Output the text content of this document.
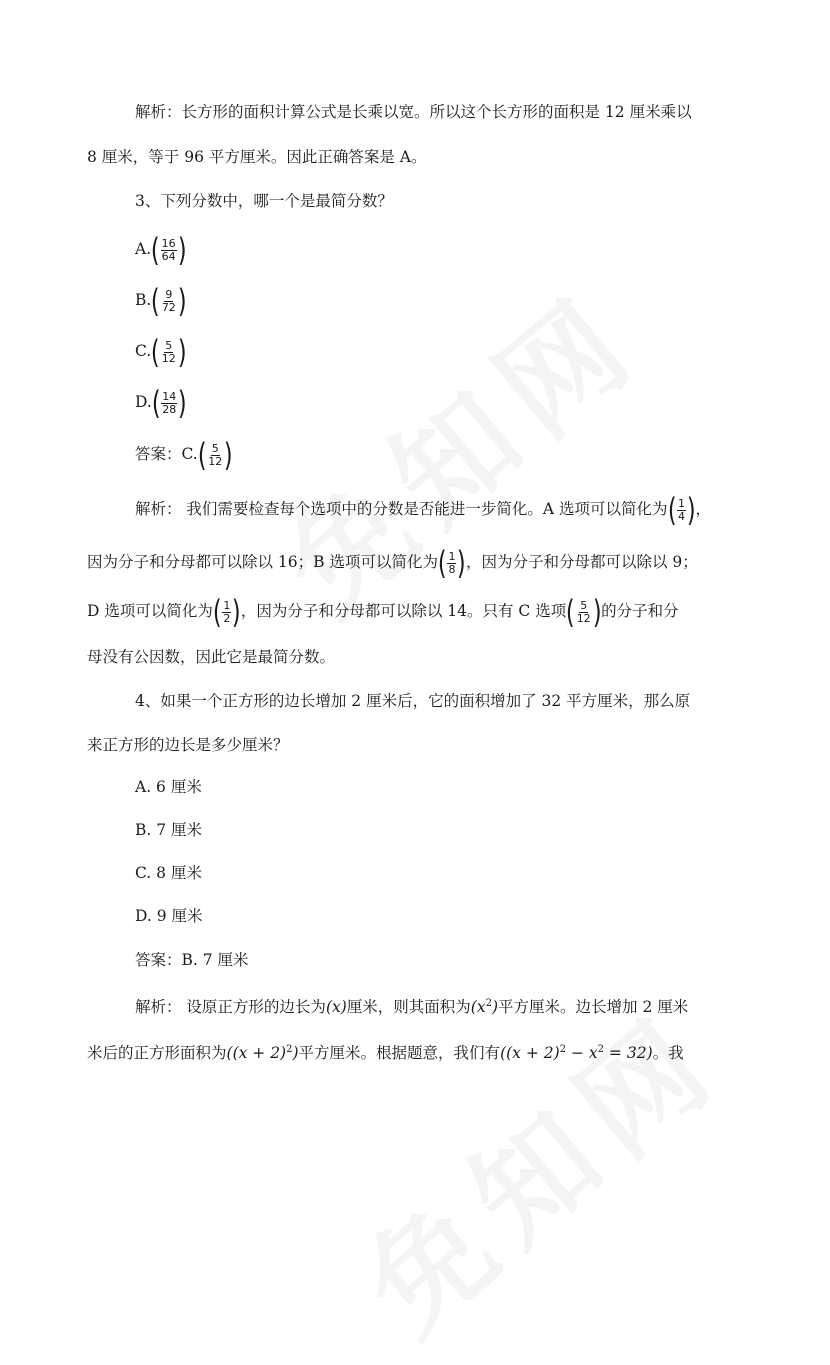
解析：长方形的面积计算公式是长乘以宽。所以这个长方形的面积是 12 厘米乘以
8 厘米，等于 96 平方厘米。因此正确答案是 A。
3、下列分数中，哪一个是最简分数？
A. ( $\frac{16}{64}$ )
B. ( $\frac{9}{72}$ )
C. ( $\frac{5}{12}$ )
D. ( $\frac{14}{28}$ )
答案：C. ( $\frac{5}{12}$ )
解析： 我们需要检查每个选项中的分数是否能进一步简化。A 选项可以简化为 ( $\frac{1}{4}$ ) ，
因为分子和分母都可以除以 16；B 选项可以简化为 ( $\frac{1}{8}$ ) ，因为分子和分母都可以除以 9；
D 选项可以简化为 ( $\frac{1}{2}$ ) ，因为分子和分母都可以除以 14。只有 C 选项 ( $\frac{5}{12}$ ) 的分子和分
母没有公因数，因此它是最简分数。
4、如果一个正方形的边长增加 2 厘米后，它的面积增加了 32 平方厘米，那么原
来正方形的边长是多少厘米？
A. 6 厘米
B. 7 厘米
C. 8 厘米
D. 9 厘米
答案：B. 7 厘米
解析： 设原正方形的边长为(x)厘米，则其面积为$(x^2)$平方厘米。边长增加 2 厘米
米后的正方形面积为$((x + 2)^2)$平方厘米。根据题意，我们有$((x + 2)^2 - x^2 = 32)$。我
